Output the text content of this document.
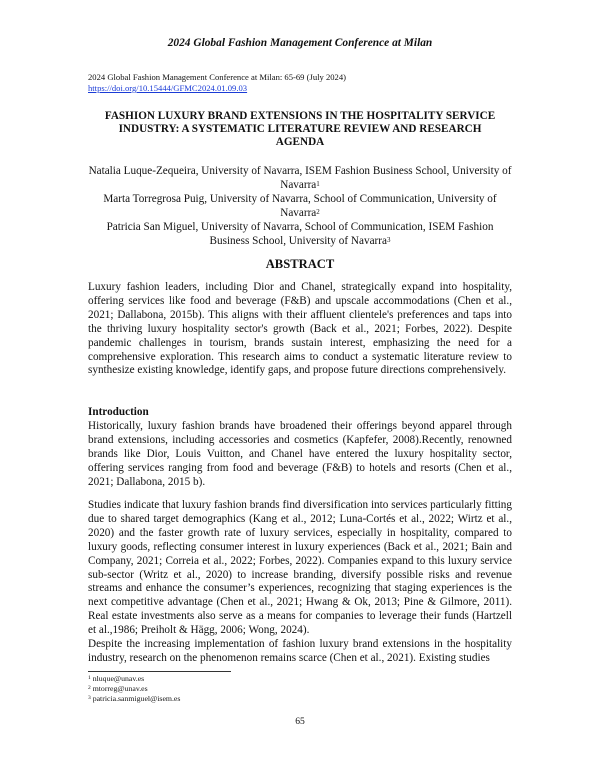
2024 Global Fashion Management Conference at Milan
2024 Global Fashion Management Conference at Milan: 65-69 (July 2024)
https://doi.org/10.15444/GFMC2024.01.09.03
FASHION LUXURY BRAND EXTENSIONS IN THE HOSPITALITY SERVICE
INDUSTRY: A SYSTEMATIC LITERATURE REVIEW AND RESEARCH
AGENDA
Natalia Luque-Zequeira, University of Navarra, ISEM Fashion Business School, University of Navarra$^1$
Marta Torregrosa Puig, University of Navarra, School of Communication, University of Navarra$^2$
Patricia San Miguel, University of Navarra, School of Communication, ISEM Fashion Business School, University of Navarra$^3$
ABSTRACT

Luxury fashion leaders, including Dior and Chanel, strategically expand into hospitality, offering services like food and beverage (F&B) and upscale accommodations (Chen et al., 2021; Dallabona, 2015b). This aligns with their affluent clientele's preferences and taps into the thriving luxury hospitality sector's growth (Back et al., 2021; Forbes, 2022). Despite pandemic challenges in tourism, brands sustain interest, emphasizing the need for a comprehensive exploration. This research aims to conduct a systematic literature review to synthesize existing knowledge, identify gaps, and propose future directions comprehensively.

Introduction

Historically, luxury fashion brands have broadened their offerings beyond apparel through brand extensions, including accessories and cosmetics (Kapfefer, 2008).Recently, renowned brands like Dior, Louis Vuitton, and Chanel have entered the luxury hospitality sector, offering services ranging from food and beverage (F&B) to hotels and resorts (Chen et al., 2021; Dallabona, 2015 b).

Studies indicate that luxury fashion brands find diversification into services particularly fitting due to shared target demographics (Kang et al., 2012; Luna-Cortés et al., 2022; Wirtz et al., 2020) and the faster growth rate of luxury services, especially in hospitality, compared to luxury goods, reflecting consumer interest in luxury experiences (Back et al., 2021; Bain and Company, 2021; Correia et al., 2022; Forbes, 2022). Companies expand to this luxury service sub-sector (Writz et al., 2020) to increase branding, diversify possible risks and revenue streams and enhance the consumer’s experiences, recognizing that staging experiences is the next competitive advantage (Chen et al., 2021; Hwang & Ok, 2013; Pine & Gilmore, 2011). Real estate investments also serve as a means for companies to leverage their funds (Hartzell et al.,1986; Preiholt & Hägg, 2006; Wong, 2024).

Despite the increasing implementation of fashion luxury brand extensions in the hospitality industry, research on the phenomenon remains scarce (Chen et al., 2021). Existing studies

$^1$ nluque@unav.es
$^2$ mtorreg@unav.es
$^3$ patricia.sanmiguel@isem.es
65
